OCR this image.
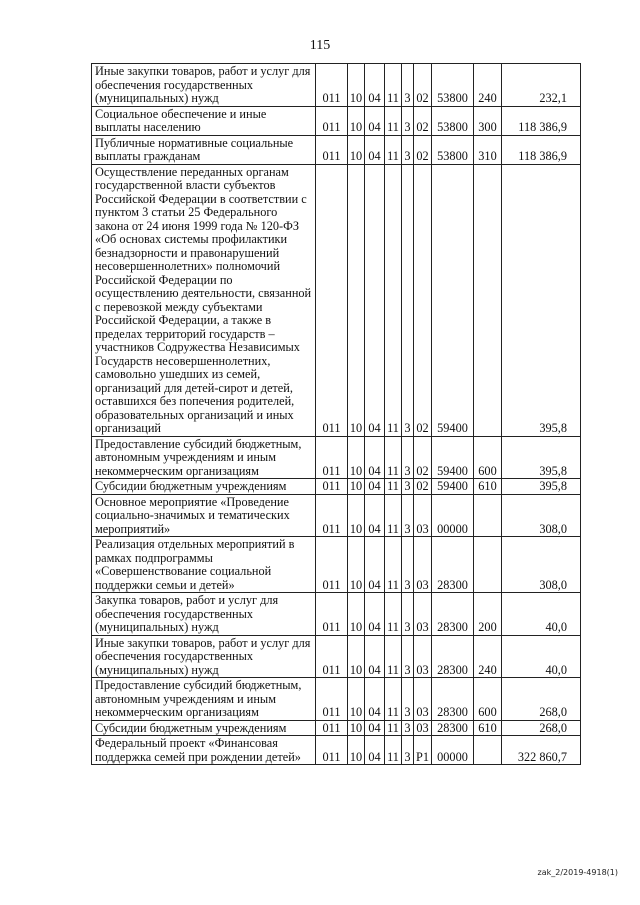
115
Иные закупки товаров, работ и услуг для обеспечения государственных (муниципальных) нужд	011	10	04	11	3	02	53800	240	232,1
Социальное обеспечение и иные выплаты населению	011	10	04	11	3	02	53800	300	118 386,9
Публичные нормативные социальные выплаты гражданам	011	10	04	11	3	02	53800	310	118 386,9
Осуществление переданных органам государственной власти субъектов Российской Федерации в соответствии с пунктом 3 статьи 25 Федерального закона от 24 июня 1999 года № 120-ФЗ «Об основах системы профилактики безнадзорности и правонарушений несовершеннолетних» полномочий Российской Федерации по осуществлению деятельности, связанной с перевозкой между субъектами Российской Федерации, а также в пределах территорий государств – участников Содружества Независимых Государств несовершеннолетних, самовольно ушедших из семей, организаций для детей-сирот и детей, оставшихся без попечения родителей, образовательных организаций и иных организаций	011	10	04	11	3	02	59400		395,8
Предоставление субсидий бюджетным, автономным учреждениям и иным некоммерческим организациям	011	10	04	11	3	02	59400	600	395,8
Субсидии бюджетным учреждениям	011	10	04	11	3	02	59400	610	395,8
Основное мероприятие «Проведение социально-значимых и тематических мероприятий»	011	10	04	11	3	03	00000		308,0
Реализация отдельных мероприятий в рамках подпрограммы «Совершенствование социальной поддержки семьи и детей»	011	10	04	11	3	03	28300		308,0
Закупка товаров, работ и услуг для обеспечения государственных (муниципальных) нужд	011	10	04	11	3	03	28300	200	40,0
Иные закупки товаров, работ и услуг для обеспечения государственных (муниципальных) нужд	011	10	04	11	3	03	28300	240	40,0
Предоставление субсидий бюджетным, автономным учреждениям и иным некоммерческим организациям	011	10	04	11	3	03	28300	600	268,0
Субсидии бюджетным учреждениям	011	10	04	11	3	03	28300	610	268,0
Федеральный проект «Финансовая поддержка семей при рождении детей»	011	10	04	11	3	P1	00000		322 860,7
zak_2/2019-4918(1)
